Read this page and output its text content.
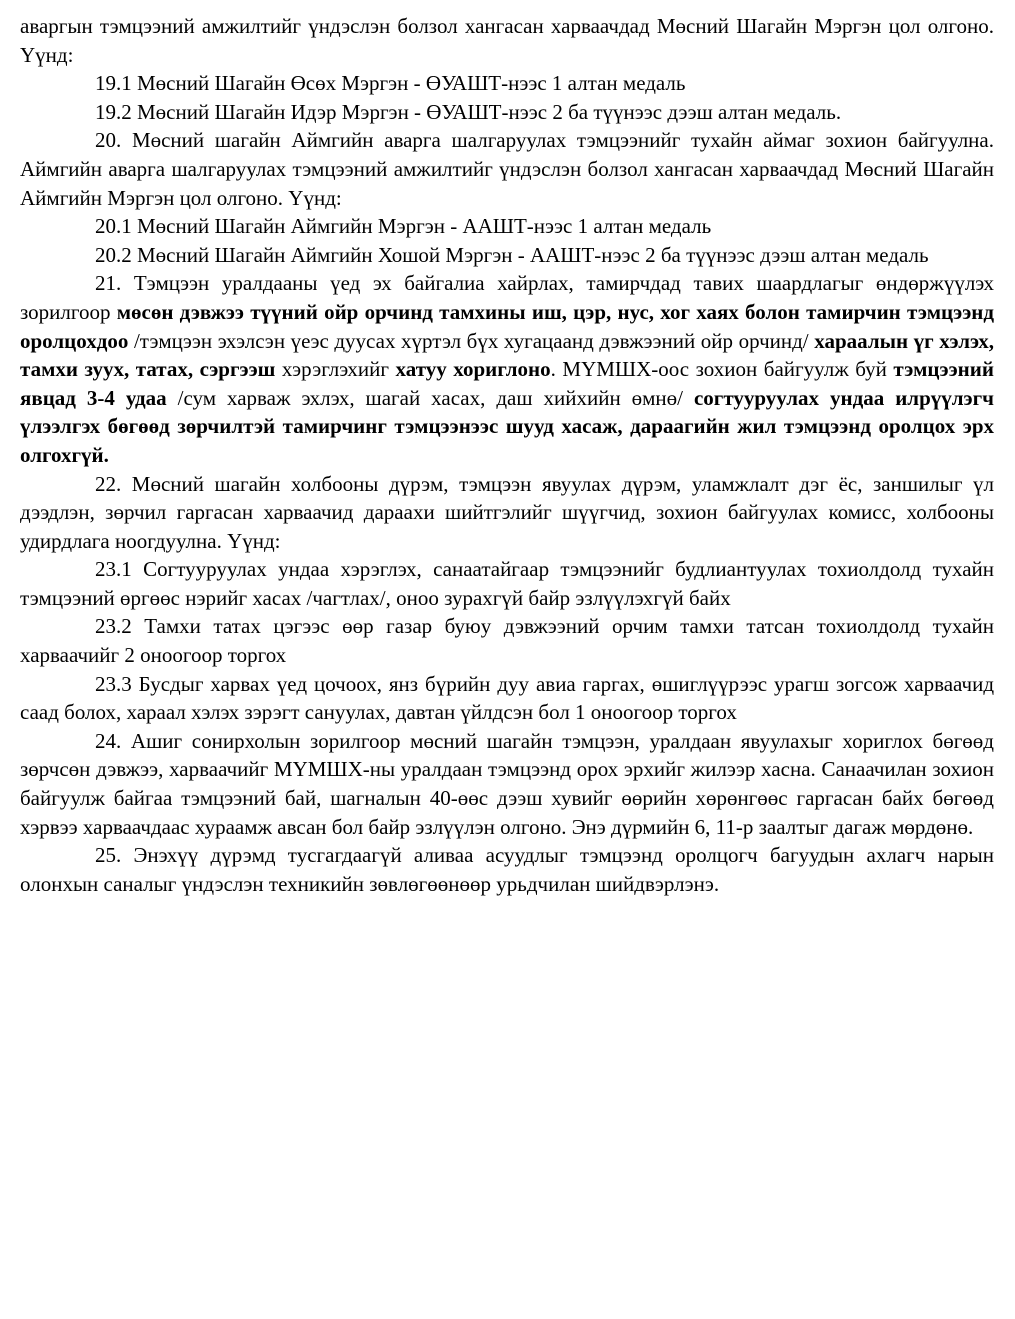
аваргын тэмцээний амжилтийг үндэслэн болзол хангасан харваачдад Мөсний Шагайн Мэргэн цол олгоно. Үүнд:

19.1 Мөсний Шагайн Өсөх Мэргэн - ӨУАШТ-нээс 1 алтан медаль

19.2 Мөсний Шагайн Идэр Мэргэн - ӨУАШТ-нээс 2 ба түүнээс дээш алтан медаль.

20. Мөсний шагайн Аймгийн аварга шалгаруулах тэмцээнийг тухайн аймаг зохион байгуулна. Аймгийн аварга шалгаруулах тэмцээний амжилтийг үндэслэн болзол хангасан харваачдад Мөсний Шагайн Аймгийн Мэргэн цол олгоно. Үүнд:

20.1 Мөсний Шагайн Аймгийн Мэргэн - ААШТ-нээс 1 алтан медаль

20.2 Мөсний Шагайн Аймгийн Хошой Мэргэн - ААШТ-нээс 2 ба түүнээс дээш алтан медаль

21. Тэмцээн уралдааны үед эх байгалиа хайрлах, тамирчдад тавих шаардлагыг өндөржүүлэх зорилгоор мөсөн дэвжээ түүний ойр орчинд тамхины иш, цэр, нус, хог хаях болон тамирчин тэмцээнд оролцохдоо /тэмцээн эхэлсэн үеэс дуусах хүртэл бүх хугацаанд дэвжээний ойр орчинд/ хараалын үг хэлэх, тамхи зуух, татах, сэргээш хэрэглэхийг хатуу хориглоно. МҮМШХ-оос зохион байгуулж буй тэмцээний явцад 3-4 удаа /сум харваж эхлэх, шагай хасах, даш хийхийн өмнө/ согтууруулах ундаа илрүүлэгч үлээлгэх бөгөөд зөрчилтэй тамирчинг тэмцээнээс шууд хасаж, дараагийн жил тэмцээнд оролцох эрх олгохгүй.

22. Мөсний шагайн холбооны дүрэм, тэмцээн явуулах дүрэм, уламжлалт дэг ёс, заншилыг үл дээдлэн, зөрчил гаргасан харваачид дараахи шийтгэлийг шүүгчид, зохион байгуулах комисс, холбооны удирдлага ноогдуулна. Үүнд:

23.1 Согтууруулах ундаа хэрэглэх, санаатайгаар тэмцээнийг будлиантуулах тохиолдолд тухайн тэмцээний өргөөс нэрийг хасах /чагтлах/, оноо зурахгүй байр эзлүүлэхгүй байх

23.2 Тамхи татах цэгээс өөр газар буюу дэвжээний орчим тамхи татсан тохиолдолд тухайн харваачийг 2 оноогоор торгох

23.3 Бусдыг харвах үед цочоох, янз бүрийн дуу авиа гаргах, өшиглүүрээс урагш зогсож харваачид саад болох, хараал хэлэх зэрэгт сануулах, давтан үйлдсэн бол 1 оноогоор торгох

24. Ашиг сонирхолын зорилгоор мөсний шагайн тэмцээн, уралдаан явуулахыг хориглох бөгөөд зөрчсөн дэвжээ, харваачийг МҮМШХ-ны уралдаан тэмцээнд орох эрхийг жилээр хасна. Санаачилан зохион байгуулж байгаа тэмцээний бай, шагналын 40-өөс дээш хувийг өөрийн хөрөнгөөс гаргасан байх бөгөөд хэрвээ харваачдаас хураамж авсан бол байр эзлүүлэн олгоно. Энэ дүрмийн 6, 11-р заалтыг дагаж мөрдөнө.

25. Энэхүү дүрэмд тусгагдаагүй аливаа асуудлыг тэмцээнд оролцогч багуудын ахлагч нарын олонхын саналыг үндэслэн техникийн зөвлөгөөнөөр урьдчилан шийдвэрлэнэ.
